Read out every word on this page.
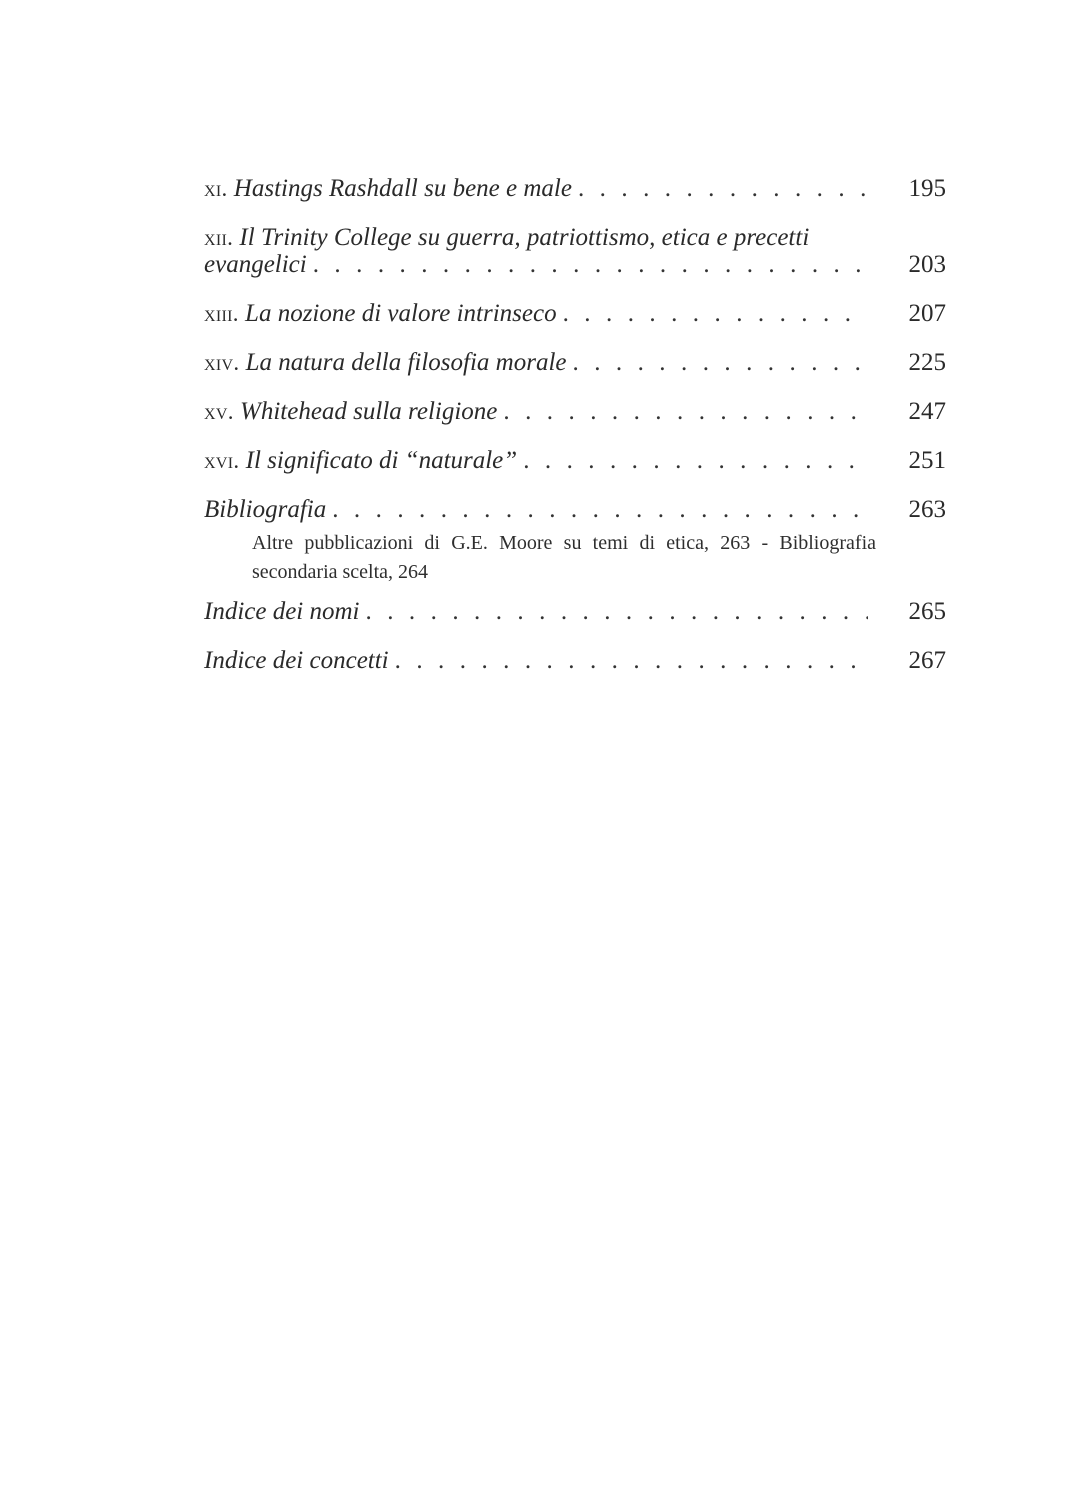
xi. Hastings Rashdall su bene e male . . .	195
xii. Il Trinity College su guerra, patriottismo, etica e precetti
evangelici . . .	203
xiii. La nozione di valore intrinseco . . .	207
xiv. La natura della filosofia morale . . .	225
xv. Whitehead sulla religione . . .	247
xvi. Il significato di “naturale” . . .	251
Bibliografia . . .	263
Altre pubblicazioni di G.E. Moore su temi di etica, 263 - Bibliografia secondaria scelta, 264
Indice dei nomi . . .	265
Indice dei concetti . . .	267
